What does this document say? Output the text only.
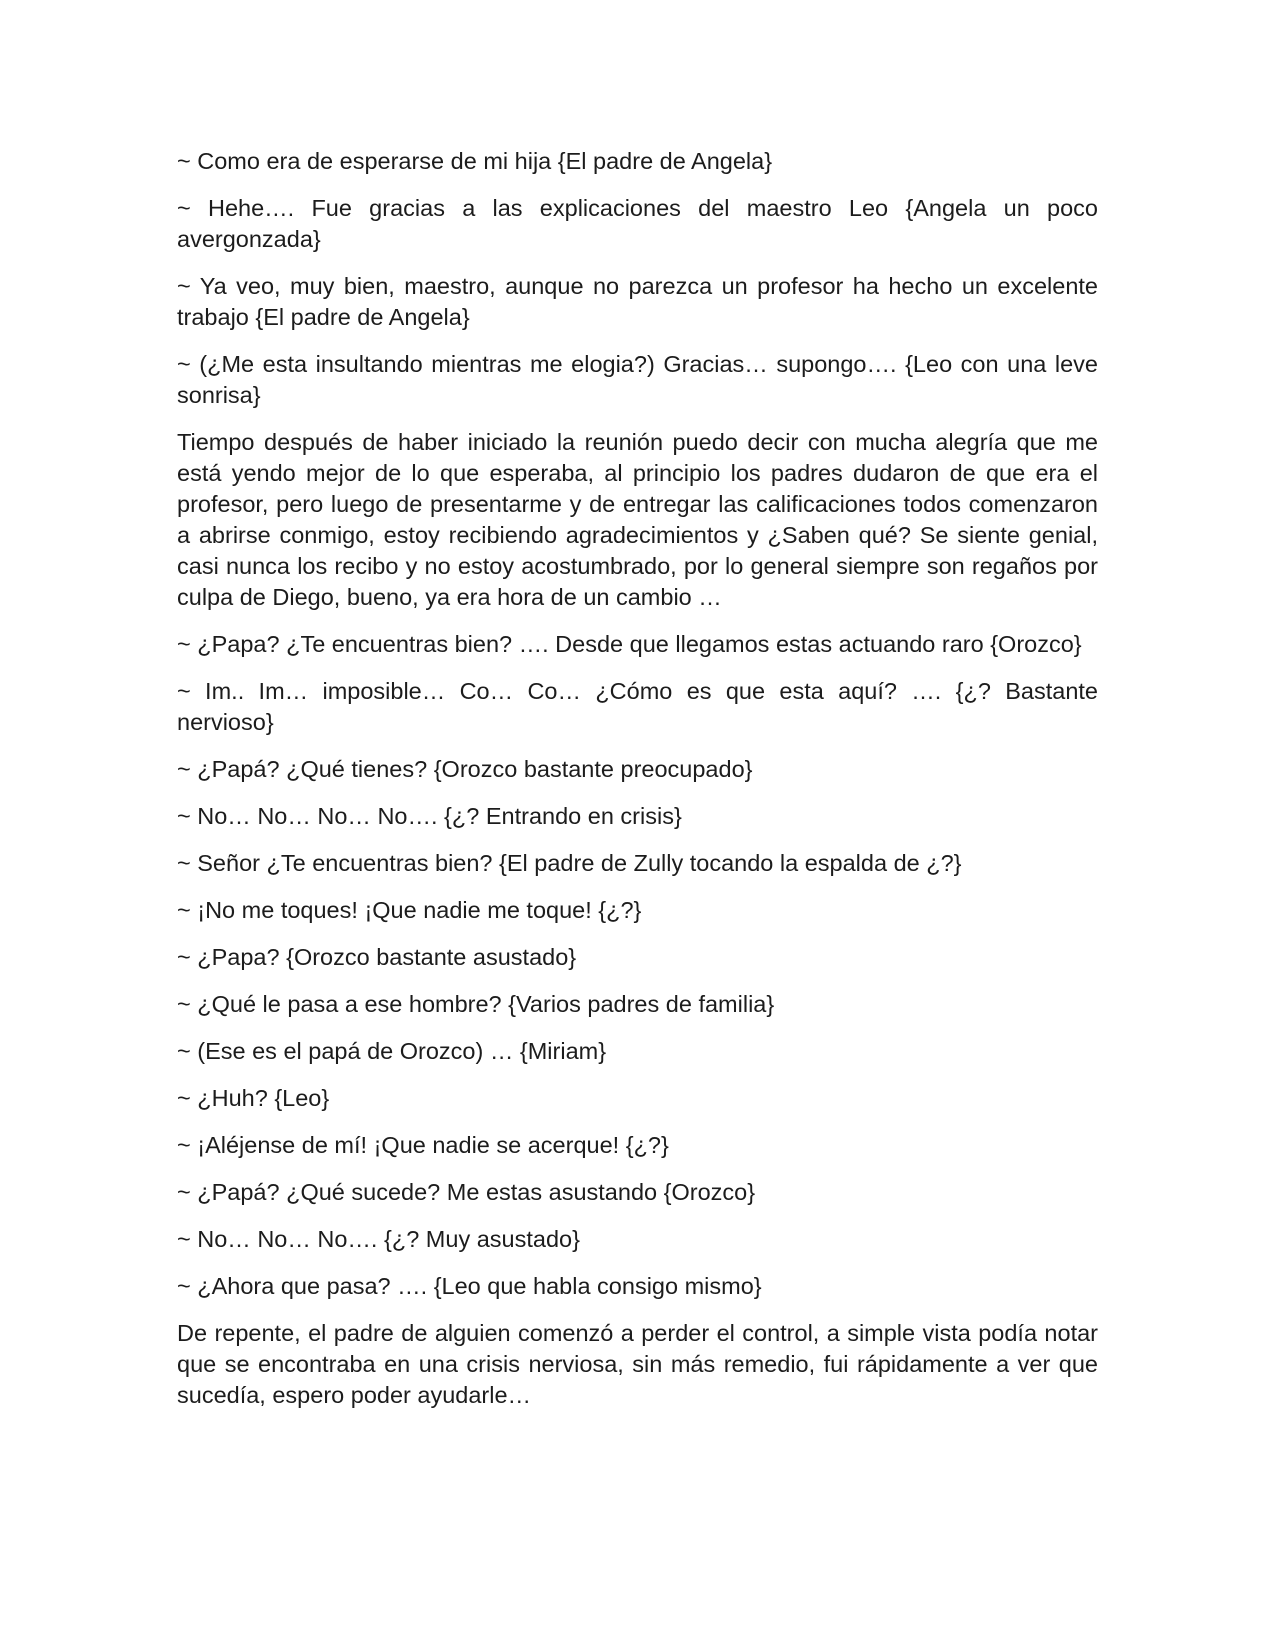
~ Como era de esperarse de mi hija {El padre de Angela}

~ Hehe…. Fue gracias a las explicaciones del maestro Leo {Angela un poco avergonzada}

~ Ya veo, muy bien, maestro, aunque no parezca un profesor ha hecho un excelente trabajo {El padre de Angela}

~ (¿Me esta insultando mientras me elogia?) Gracias… supongo…. {Leo con una leve sonrisa}

Tiempo después de haber iniciado la reunión puedo decir con mucha alegría que me está yendo mejor de lo que esperaba, al principio los padres dudaron de que era el profesor, pero luego de presentarme y de entregar las calificaciones todos comenzaron a abrirse conmigo, estoy recibiendo agradecimientos y ¿Saben qué? Se siente genial, casi nunca los recibo y no estoy acostumbrado, por lo general siempre son regaños por culpa de Diego, bueno, ya era hora de un cambio …

~ ¿Papa? ¿Te encuentras bien? …. Desde que llegamos estas actuando raro {Orozco}

~ Im.. Im… imposible… Co… Co… ¿Cómo es que esta aquí? …. {¿? Bastante nervioso}

~ ¿Papá? ¿Qué tienes? {Orozco bastante preocupado}

~ No… No… No… No…. {¿? Entrando en crisis}

~ Señor ¿Te encuentras bien? {El padre de Zully tocando la espalda de ¿?}

~ ¡No me toques! ¡Que nadie me toque! {¿?}

~ ¿Papa? {Orozco bastante asustado}

~ ¿Qué le pasa a ese hombre? {Varios padres de familia}

~ (Ese es el papá de Orozco) … {Miriam}

~ ¿Huh? {Leo}

~ ¡Aléjense de mí! ¡Que nadie se acerque! {¿?}

~ ¿Papá? ¿Qué sucede? Me estas asustando {Orozco}

~ No… No… No…. {¿? Muy asustado}

~ ¿Ahora que pasa? …. {Leo que habla consigo mismo}

De repente, el padre de alguien comenzó a perder el control, a simple vista podía notar que se encontraba en una crisis nerviosa, sin más remedio, fui rápidamente a ver que sucedía, espero poder ayudarle…
